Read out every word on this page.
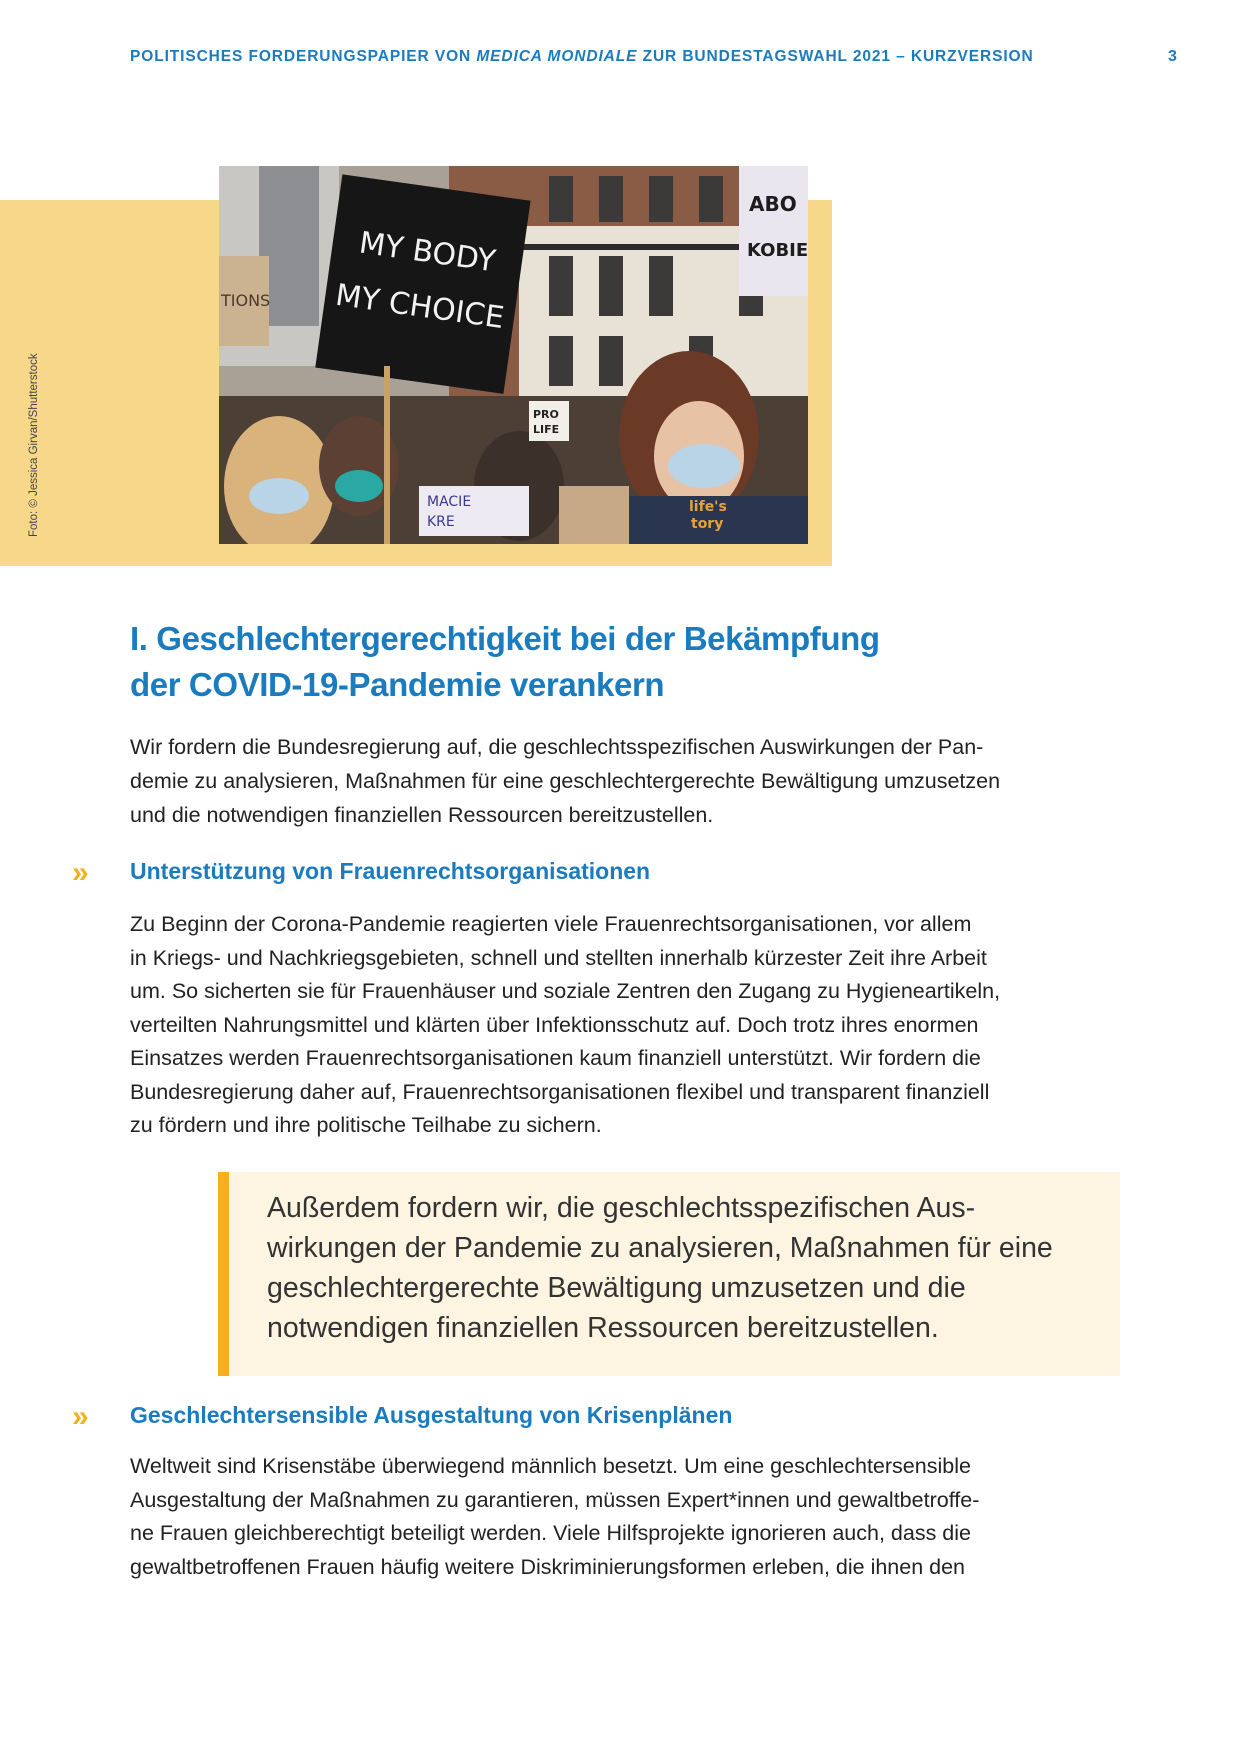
POLITISCHES FORDERUNGSPAPIER VON MEDICA MONDIALE ZUR BUNDESTAGSWAHL 2021 – KURZVERSION	3
Foto: © Jessica Girvan/Shutterstock
MY BODY
MY CHOICE
ABO
KOBIE
TIONS
PRO
LIFE
MACIE
KRE
life's
tory
I. Geschlechtergerechtigkeit bei der Bekämpfung
der COVID-19-Pandemie verankern
Wir fordern die Bundesregierung auf, die geschlechtsspezifischen Auswirkungen der Pan-
demie zu analysieren, Maßnahmen für eine geschlechtergerechte Bewältigung umzusetzen
und die notwendigen finanziellen Ressourcen bereitzustellen.
» Unterstützung von Frauenrechtsorganisationen
Zu Beginn der Corona-Pandemie reagierten viele Frauenrechtsorganisationen, vor allem
in Kriegs- und Nachkriegsgebieten, schnell und stellten innerhalb kürzester Zeit ihre Arbeit
um. So sicherten sie für Frauenhäuser und soziale Zentren den Zugang zu Hygieneartikeln,
verteilten Nahrungsmittel und klärten über Infektionsschutz auf. Doch trotz ihres enormen
Einsatzes werden Frauenrechtsorganisationen kaum finanziell unterstützt. Wir fordern die
Bundesregierung daher auf, Frauenrechtsorganisationen flexibel und transparent finanziell
zu fördern und ihre politische Teilhabe zu sichern.
Außerdem fordern wir, die geschlechtsspezifischen Aus-
wirkungen der Pandemie zu analysieren, Maßnahmen für eine
geschlechtergerechte Bewältigung umzusetzen und die
notwendigen finanziellen Ressourcen bereitzustellen.
» Geschlechtersensible Ausgestaltung von Krisenplänen
Weltweit sind Krisenstäbe überwiegend männlich besetzt. Um eine geschlechtersensible
Ausgestaltung der Maßnahmen zu garantieren, müssen Expert*innen und gewaltbetroffe-
ne Frauen gleichberechtigt beteiligt werden. Viele Hilfsprojekte ignorieren auch, dass die
gewaltbetroffenen Frauen häufig weitere Diskriminierungsformen erleben, die ihnen den
